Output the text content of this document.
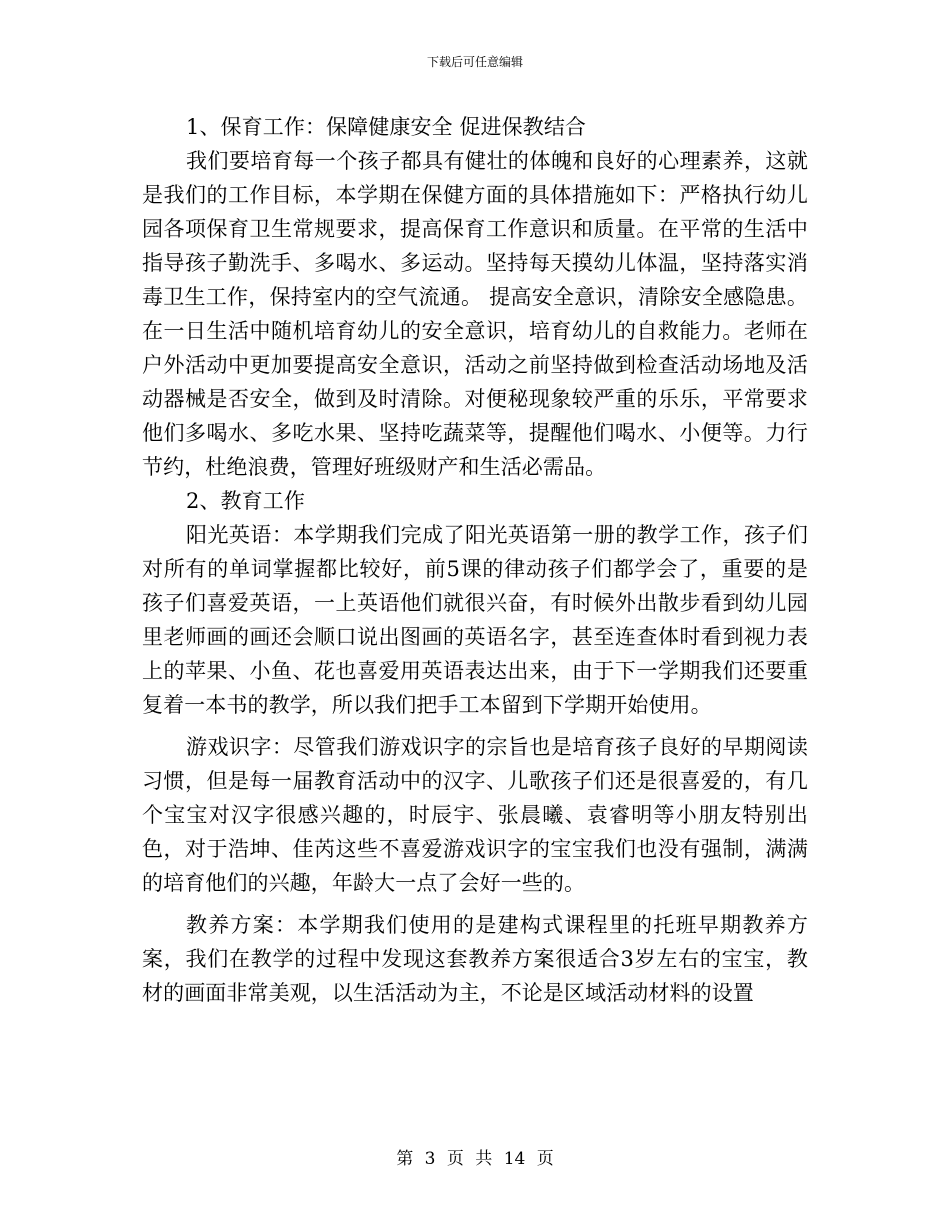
下载后可任意编辑

1、保育工作：保障健康安全 促进保教结合

我们要培育每一个孩子都具有健壮的体魄和良好的心理素养，这就是我们的工作目标，本学期在保健方面的具体措施如下：严格执行幼儿园各项保育卫生常规要求，提高保育工作意识和质量。在平常的生活中指导孩子勤洗手、多喝水、多运动。坚持每天摸幼儿体温，坚持落实消毒卫生工作，保持室内的空气流通。 提高安全意识，清除安全感隐患。在一日生活中随机培育幼儿的安全意识，培育幼儿的自救能力。老师在户外活动中更加要提高安全意识，活动之前坚持做到检查活动场地及活动器械是否安全，做到及时清除。对便秘现象较严重的乐乐，平常要求他们多喝水、多吃水果、坚持吃蔬菜等，提醒他们喝水、小便等。力行节约，杜绝浪费，管理好班级财产和生活必需品。

2、教育工作

阳光英语：本学期我们完成了阳光英语第一册的教学工作，孩子们对所有的单词掌握都比较好，前5课的律动孩子们都学会了，重要的是孩子们喜爱英语，一上英语他们就很兴奋，有时候外出散步看到幼儿园里老师画的画还会顺口说出图画的英语名字，甚至连查体时看到视力表上的苹果、小鱼、花也喜爱用英语表达出来，由于下一学期我们还要重复着一本书的教学，所以我们把手工本留到下学期开始使用。

游戏识字：尽管我们游戏识字的宗旨也是培育孩子良好的早期阅读习惯，但是每一届教育活动中的汉字、儿歌孩子们还是很喜爱的，有几个宝宝对汉字很感兴趣的，时辰宇、张晨曦、袁睿明等小朋友特别出色，对于浩坤、佳芮这些不喜爱游戏识字的宝宝我们也没有强制，满满的培育他们的兴趣，年龄大一点了会好一些的。

教养方案：本学期我们使用的是建构式课程里的托班早期教养方案，我们在教学的过程中发现这套教养方案很适合3岁左右的宝宝，教材的画面非常美观，以生活活动为主，不论是区域活动材料的设置

第 3 页 共 14 页
